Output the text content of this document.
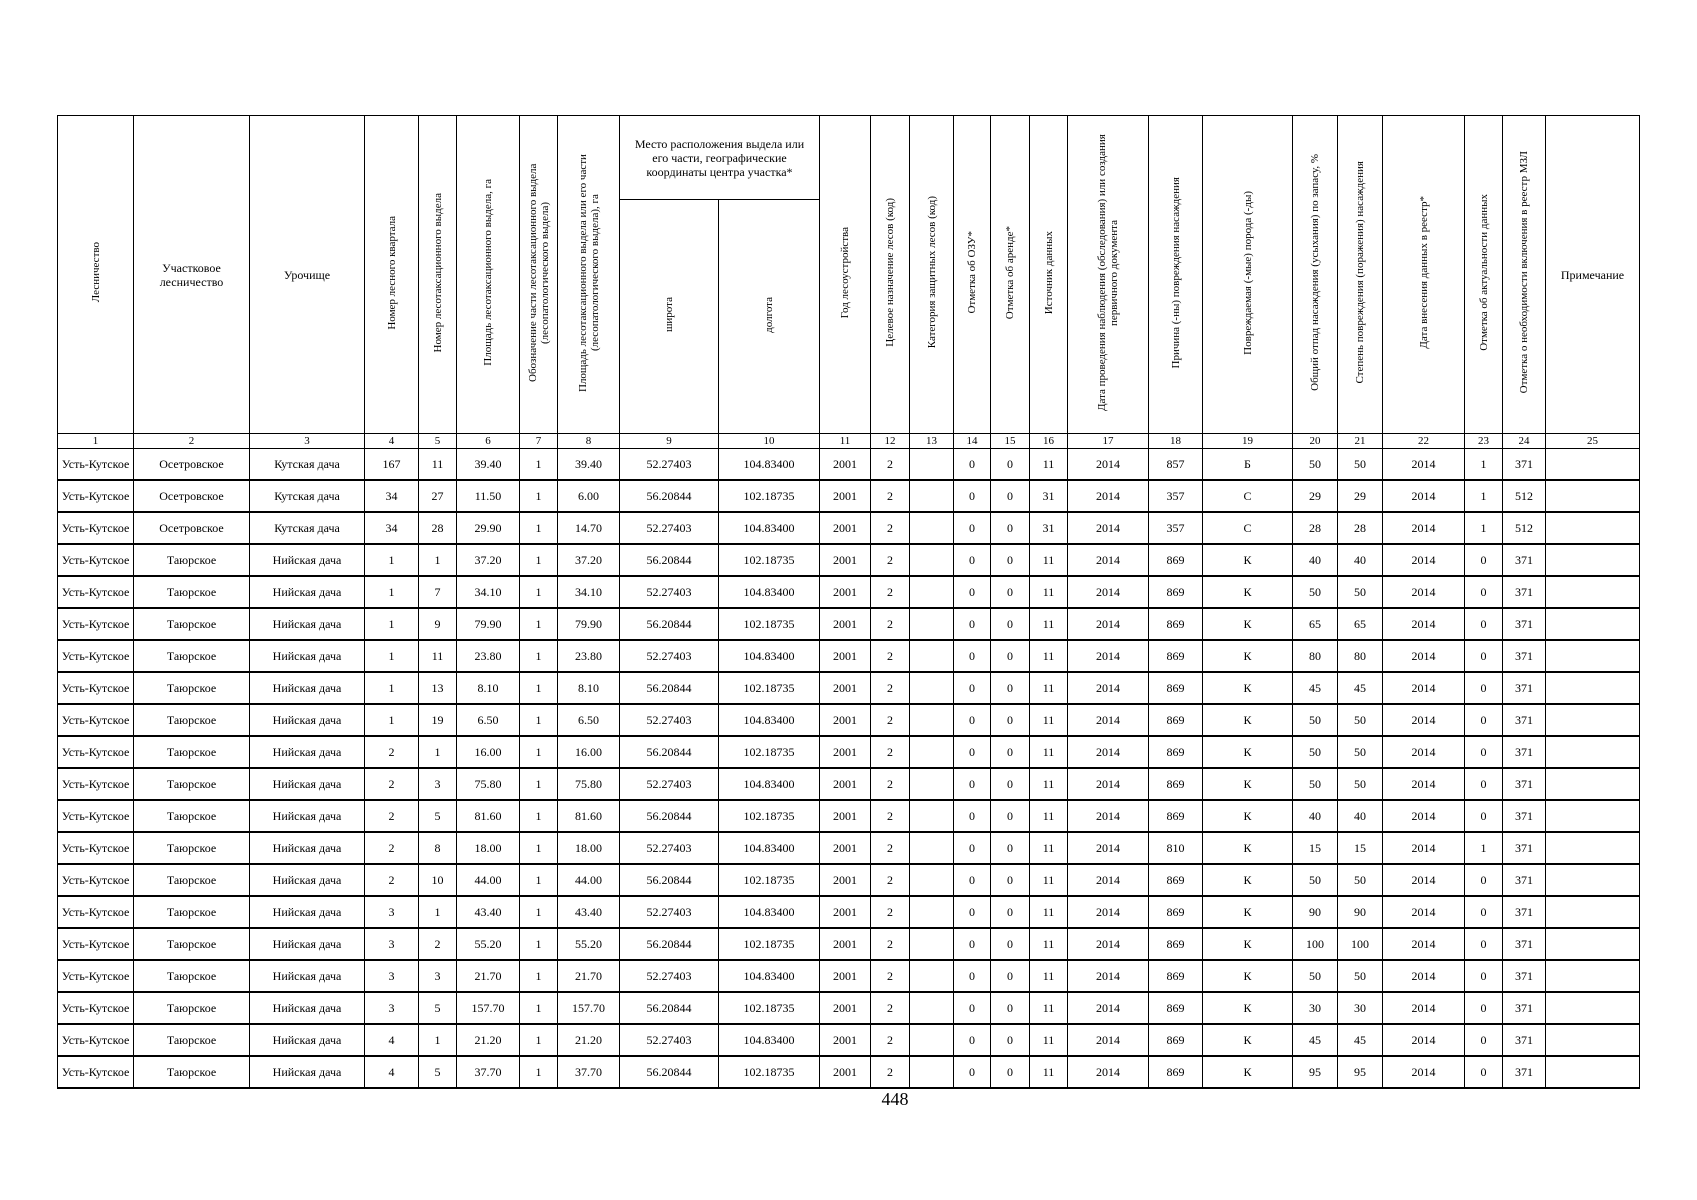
Лесничество	Участковое лесничество	Урочище	Номер лесного квартала	Номер лесотаксационного выдела	Площадь лесотаксационного выдела, га	Обозначение части лесотаксационного выдела (лесопатологического выдела)	Площадь лесотаксационного выдела или его части (лесопатологического выдела), га	Место расположения выдела или его части, географические координаты центра участка*		Год лесоустройства	Целевое назначение лесов (код)	Категория защитных лесов (код)	Отметка об ОЗУ*	Отметка об аренде*	Источник данных	Дата проведения наблюдения (обследования) или создания первичного документа	Причина (-ны) повреждения насаждения	Повреждаемая (-мые) порода (-ды)	Общий отпад насаждения (усыхания) по запасу, %	Степень повреждения (поражения) насаждения	Дата внесения данных в реестр*	Отметка об актуальности данных	Отметка о необходимости включения в реестр МЗЛ	Примечание

								широта	долгота															
1	2	3	4	5	6	7	8	9	10	11	12	13	14	15	16	17	18	19	20	21	22	23	24	25
Усть-Кутское	Осетровское	Кутская дача	167	11	39.40	1	39.40	52.27403	104.83400	2001	2		0	0	11	2014	857	Б	50	50	2014	1	371	
Усть-Кутское	Осетровское	Кутская дача	34	27	11.50	1	6.00	56.20844	102.18735	2001	2		0	0	31	2014	357	С	29	29	2014	1	512	
Усть-Кутское	Осетровское	Кутская дача	34	28	29.90	1	14.70	52.27403	104.83400	2001	2		0	0	31	2014	357	С	28	28	2014	1	512	
Усть-Кутское	Таюрское	Нийская дача	1	1	37.20	1	37.20	56.20844	102.18735	2001	2		0	0	11	2014	869	К	40	40	2014	0	371	
Усть-Кутское	Таюрское	Нийская дача	1	7	34.10	1	34.10	52.27403	104.83400	2001	2		0	0	11	2014	869	К	50	50	2014	0	371	
Усть-Кутское	Таюрское	Нийская дача	1	9	79.90	1	79.90	56.20844	102.18735	2001	2		0	0	11	2014	869	К	65	65	2014	0	371	
Усть-Кутское	Таюрское	Нийская дача	1	11	23.80	1	23.80	52.27403	104.83400	2001	2		0	0	11	2014	869	К	80	80	2014	0	371	
Усть-Кутское	Таюрское	Нийская дача	1	13	8.10	1	8.10	56.20844	102.18735	2001	2		0	0	11	2014	869	К	45	45	2014	0	371	
Усть-Кутское	Таюрское	Нийская дача	1	19	6.50	1	6.50	52.27403	104.83400	2001	2		0	0	11	2014	869	К	50	50	2014	0	371	
Усть-Кутское	Таюрское	Нийская дача	2	1	16.00	1	16.00	56.20844	102.18735	2001	2		0	0	11	2014	869	К	50	50	2014	0	371	
Усть-Кутское	Таюрское	Нийская дача	2	3	75.80	1	75.80	52.27403	104.83400	2001	2		0	0	11	2014	869	К	50	50	2014	0	371	
Усть-Кутское	Таюрское	Нийская дача	2	5	81.60	1	81.60	56.20844	102.18735	2001	2		0	0	11	2014	869	К	40	40	2014	0	371	
Усть-Кутское	Таюрское	Нийская дача	2	8	18.00	1	18.00	52.27403	104.83400	2001	2		0	0	11	2014	810	К	15	15	2014	1	371	
Усть-Кутское	Таюрское	Нийская дача	2	10	44.00	1	44.00	56.20844	102.18735	2001	2		0	0	11	2014	869	К	50	50	2014	0	371	
Усть-Кутское	Таюрское	Нийская дача	3	1	43.40	1	43.40	52.27403	104.83400	2001	2		0	0	11	2014	869	К	90	90	2014	0	371	
Усть-Кутское	Таюрское	Нийская дача	3	2	55.20	1	55.20	56.20844	102.18735	2001	2		0	0	11	2014	869	К	100	100	2014	0	371	
Усть-Кутское	Таюрское	Нийская дача	3	3	21.70	1	21.70	52.27403	104.83400	2001	2		0	0	11	2014	869	К	50	50	2014	0	371	
Усть-Кутское	Таюрское	Нийская дача	3	5	157.70	1	157.70	56.20844	102.18735	2001	2		0	0	11	2014	869	К	30	30	2014	0	371	
Усть-Кутское	Таюрское	Нийская дача	4	1	21.20	1	21.20	52.27403	104.83400	2001	2		0	0	11	2014	869	К	45	45	2014	0	371	
Усть-Кутское	Таюрское	Нийская дача	4	5	37.70	1	37.70	56.20844	102.18735	2001	2		0	0	11	2014	869	К	95	95	2014	0	371	
448
